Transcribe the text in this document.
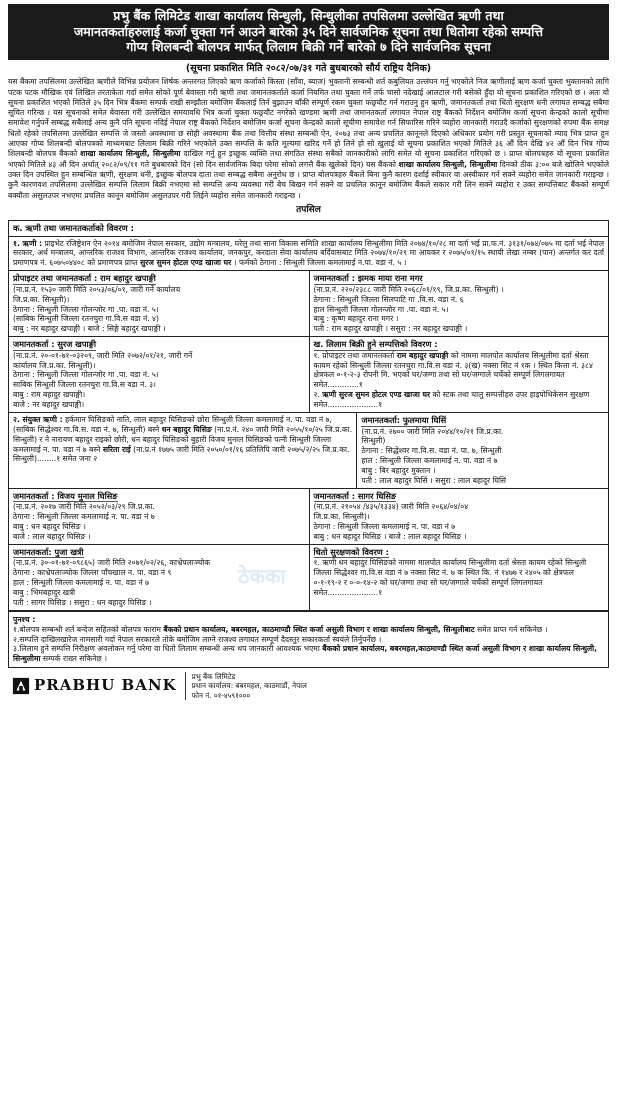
प्रभु बैंक लिमिटेड शाखा कार्यालय सिन्धुली, सिन्धुलीका तपसिलमा उल्लेखित ऋणी तथा
जमानतकर्ताहरुलाई कर्जा चुक्ता गर्न आउने बारेको ३५ दिने सार्वजनिक सूचना तथा धितोमा रहेको सम्पत्ति
गोप्य शिलबन्दी बोलपत्र मार्फत् लिलाम बिक्री गर्ने बारेको ७ दिने सार्वजनिक सूचना
(सूचना प्रकाशित मिति २०८२/०७/३१ गते बुधबारको सौर्य राष्ट्रिय दैनिक)
यस बैंकमा तपसिलमा उल्लेखित ऋणीले विभिन्न प्रयोजन शिर्षक अन्तरगत लिएको ऋण कर्जाको किस्ता (साँवा, ब्याज) भुक्तानी सम्बन्धी शर्त कबुलियत उल्लंघन गर्नु भएकोले निज ऋणीलाई ऋण कर्जा चुक्ता भुक्तानको लागि पटक पटक मौखिक एवं लिखित तरताकेता गर्दा समेत सोको पूर्ण बेवास्ता गरी ऋणी तथा जमानतकर्ताले कर्जा नियमित तथा चुक्ता गर्ने तर्फ चासो नदेखाई आलटाल गरी बसेको हुँदा यो सूचना प्रकाशित गरिएको छ । अतः यो सूचना प्रकाशित भएको मितिले ३५ दिन भित्र बैंकमा सम्पर्क राखी सम्झौता बमोजिम बैंकलाई तिर्न बुझाउन बाँकी सम्पूर्ण रकम चुक्ता फछ्र्यौट गर्न गराउनु हुन ऋणी, जमानतकर्ता तथा धितो सुरक्षण धनी लगायत सम्बद्ध सबैमा सूचित गरिन्छ । यस सूचनाको समेत बेवास्ता गरी उल्लेखित समयावधि भित्र कर्जा चुक्ता फछ्र्यौट नगरेको खण्डमा ऋणी तथा जमानतकर्ता लगायत नेपाल राष्ट्र बैंकको निर्देशन बमोजिम कर्जा सूचना केन्द्रको कालो सूचीमा समावेश गर्नुपर्ने सम्बद्ध सबैलाई अन्य कुनै पनि सूचना नदिई नेपाल राष्ट्र बैंकको निर्देशन बमोजिम कर्जा सूचना केन्द्रको कालो सूचीमा समावेश गर्न सिफारिस गरिने व्यहोरा जानकारी गराउदै कर्जाको सुरक्षणको रुपमा बैंक समक्ष धितो रहेको तपसिलमा उल्लेखित सम्पत्ति जे जस्तो अवस्थामा छ सोही अवस्थामा बैंक तथा वित्तीय संस्था सम्बन्धी ऐन, २०७३ तथा अन्य प्रचलित कानूनले दिएको अधिकार प्रयोग गरी प्रस्तुत सूचनाको म्याद भित्र प्राप्त हुन आएका गोप्य शिलबन्दी बोलपत्रको माध्यमबाट लिलाम बिक्री गरिने भएकोले उक्त सम्पत्ति के कति मूल्यमा खरिद गर्ने हो लिने हो सो खुलाई यो सूचना प्रकाशित भएको मितिले ३६ औं दिन देखि ४२ औं दिन भित्र गोप्य शिलबन्दी बोलपत्र बैंकको शाखा कार्यालय सिन्धुली, सिन्धुलीमा दाखिल गर्नु हुन इच्छुक व्यक्ति तथा संगठित संस्था सबैको जानकारीको लागि समेत यो सूचना प्रकाशित गरिएको छ । प्राप्त बोलपत्रहरु यो सूचना प्रकाशित भएको मितिले ४३ औं दिन अर्थात् २०८२/०९/११ गते बुधबारको दिन (सो दिन सार्वजनिक बिदा परेमा सोको लगत्तै बैंक खुलेको दिन) यस बैंकको शाखा कार्यालय सिन्धुली, सिन्धुलीमा दिनको ठीक ३:०० बजे खोलिने भएकोले उक्त दिन उपस्थित हुन सम्बन्धित ऋणी, सुरक्षण धनी, इच्छुक बोलपत्र दाता तथा सम्बद्ध सबैमा अनुरोध छ । प्राप्त बोलपत्रहरु बैंकले बिना कुनै कारण दर्शाई स्वीकार वा अस्वीकार गर्न सक्ने व्यहोरा समेत जानकारी गराइन्छ । कुनै कारणवश तपसिलमा उल्लेखित सम्पत्ति लिलाम बिक्री नभएमा सो सम्पत्ति अन्य व्यवस्था गरी बेच बिखन गर्न सक्ने वा प्रचलित कानून बमोजिम बैंकले सकार गरी लिन सक्ने व्यहोरा र उक्त सम्पत्तिबाट बैंकको सम्पूर्ण बक्यौता असुलउपर नभएमा प्रचलित कानून बमोजिम असुलउपर गरी लिईने व्यहोरा समेत जानकारी गराइन्छ ।
तपसिल
क. ऋणी तथा जमानतकर्ताको विवरण :
१. ऋणी : प्राइभेट रजिष्ट्रेशन ऐन २०१४ बमोजिम नेपाल सरकार, उद्योग मन्त्रालय, घरेलु तथा साना विकास समिति शाखा कार्यालय सिन्धुलीमा मिति २०७४/१०/२८ मा दर्ता भई प्रा.फ.नं. ३१३१/०७४/०७५ मा दर्ता भई नेपाल सरकार, अर्थ मन्त्रालय, आन्तरिक राजश्व विभाग, आन्तरिक राजश्व कार्यालय, जनकपुर, करदाता सेवा कार्यालय बर्दिवासबाट मिति २०७४/१०/२९ मा आयकर र २०७५/०१/१५ स्थायी लेखा नम्बर (पान) अन्तर्गत कर दर्ता प्रमाणपत्र नं. ६०७५०४४०८ को प्रमाणपत्र प्राप्त सुरज सुमन होटल एण्ड खाजा घर । फर्मको ठेगाना : सिन्धुली जिल्ला कमलामाई न.पा. वडा नं. ५ ।
प्रोपाइटर तथा जमानतकर्ता : राम बहादुर खपाङ्गी
(ना.प्र.नं. १५३० जारी मिति २०५३/०६/०१, जारी गर्ने कार्यालय
जि.प्र.का. सिन्धुली)।
ठेगाना : सिन्धुली जिल्ला गोलन्जोर गा .पा. वडा नं. ५।
(साबिक सिन्धुली जिल्ला रतनचुरा गा.वि.स वडा नं. ४)
बाबु : नर बहादुर खपाङ्गी । बाजे : सिङ्गे बहादुर खपाङ्गी ।
जमानतकर्ता : झमक माया राना मगर
(ना.प्र.नं. २२०/२३८८ जारी मिति २०६८/०१/१९, जि.प्र.का. सिन्धुली) ।
ठेगाना : सिन्धुली जिल्ला सिलपाटि गा .वि.स. वडा नं. ६
हाल सिन्धुली जिल्ला गोलन्जोर गा .पा. वडा नं. ५।
बाबु : कृष्ण बहादुर राना मगर ।
पती : राम बहादुर खपाङ्गी । ससुरा : नर बहादुर खपाङ्गी ।
जमानतकर्ता : सुरज खपाङ्गी
(ना.प्र.नं. २०-०१-७१-०३२०९, जारी मिति २०७२/०१/२१, जारी गर्ने
कार्यालय जि.प्र.का. सिन्धुली)।
ठेगाना : सिन्धुली जिल्ला गोलन्जोर गा .पा. वडा नं. ५।
साबिक सिन्धुली जिल्ला रतनचुरा गा.वि.स वडा नं. ३।
बाबु : राम बहादुर खपाङ्गी।
बाजे : नर बहादुर खपाङ्गी।
ख. लिलाम बिक्री हुने सम्पत्तिको विवरण :
१. प्रोपाइटर तथा जमानतकर्ता राम बहादुर खपाङ्गी को नाममा मालपोत कार्यालय सिन्धुलीमा दर्ता श्रेस्ता कायम रहेको सिन्धुली जिल्ला रतनचुरा गा.वि.स वडा नं. ३(ख) नक्सा सिट नं १क । स्थित कित्ता नं. ३८४ क्षेत्रफल ०-१-२-३ रोपनी मि. भएको घर/जग्गा तथा सो घर/जग्गाले चर्चेको सम्पूर्ण लिगलगायत समेत.............१
२. ऋणी सुरज सुमन होटल एण्ड खाजा घर को स्टक तथा चालु सम्पत्तीहरु उपर हाइपोथिकेसन सुरक्षण समेत.....................१
२. संयुक्त ऋणी : हर्कमान घिसिङको नाति, लाल बहादुर घिसिङको छोरा सिन्धुली जिल्ला कमलामाई न. पा. वडा नं ७, (साबिक सिद्धेश्वर गा.वि.स. वडा नं. ७, सिन्धुली) बस्ने धन बहादुर घिसिङ (ना.प्र.नं. २४० जारी मिति २०५५/१०/२५ जि.प्र.का. सिन्धुली) र ने नारायण बहादुर राइको छोरी, धन बहादुर घिसिङको बुहारी विजय मुनाल घिसिङको पत्नी सिन्धुली जिल्ला कमलामाई न. पा. वडा नं ७ बस्ने सरिता राई (ना.प्र.नं १७७५ जारी मिति २०५०/०१/१६ प्रतिलिपि जारी २०७५/२/२५ जि.प्र.का. सिन्धुली)........१ समेत जना २
जमानतकर्ता: फुलमाया घिसिं
(ना.प्र.नं. २७०० जारी मिति २०४४/१०/२१ जि.प्र.का.
सिन्धुली)
ठेगाना : सिद्धेश्वर गा.वि.स. वडा नं. पा. ७, सिन्धुली
हाल : सिन्धुली जिल्ला कमलामाई न. पा. वडा नं ७
बाबु : बिर बहादुर मुक्तान ।
पती : लाल बहादुर घिसिं । ससुरा : लाल बहादुर घिसिं
जमानतकर्ता : विजय मुनाल घिसिङ
(ना.प्र.नं. २०१७ जारी मिति २०५२/०३/२९ जि.प्र.का.
ठेगाना : सिन्धुली जिल्ला कमलामाई न. पा. वडा नं ७
बाबु : धन बहादुर घिसिङ ।
बाजे : लाल बहादुर घिसिङ ।
जमानतकर्ता : सागर घिसिङ
(ना.प्र.नं. २१०५४ /४३५/१३३४) जारी मिति २०६४/०४/०४
जि.प्र.का. सिन्धुली)।
ठेगाना : सिन्धुली जिल्ला कमलामाई न. पा. वडा नं ७
बाबु : धन बहादुर घिसिङ । बाजे : लाल बहादुर घिसिङ ।
जमानतकर्ता: पुजा खत्री
(ना.प्र.नं. ३०-०१-७१-०९८६५) जारी मिति २०७१/०२/२६, काभ्रेपलाञ्चोक
ठेगाना : काभ्रेपलाञ्चोक जिल्ला पाँचखाल न. पा. वडा नं ९
हाल : सिन्धुली जिल्ला कमलामाई न. पा. वडा नं ७
बाबु : भिमबहादुर खत्री
पती : सागर घिसिङ । ससुरा : धन बहादुर घिसिङ ।
धितो सुरक्षणको विवरण :
१. ऋणी धन बहादुर घिसिङको नाममा मालपोत कार्यालय सिन्धुलीमा दर्ता श्रेस्ता कायम रहेको सिन्धुली जिल्ला सिद्धेश्वर गा.वि.स वडा नं ७ नक्सा सिट नं. ७ क स्थित कि. नं १४७७ र २४०५ को क्षेत्रफल ०-१-१९-२ र ०-०-१४-२ को घर/जग्गा तथा सो घर/जग्गाले चर्चेको सम्पूर्ण लिगलगायत समेत.....................१
पुनश्च :
१.बोलपत्र सम्बन्धी शर्त बन्देज सहितको बोलपत्र फाराम बैंकको प्रधान कार्यालय, बबरमहल, काठमाण्डौ स्थित कर्जा असुली विभाग र शाखा कार्यालय सिन्धुली, सिन्धुलीबाट समेत प्राप्त गर्न सकिनेछ ।
२.सम्पत्ति दाखिलखारेज नामसारी गर्दा नेपाल सरकारले तोके बमोजिम लाग्ने राजश्व लगायत सम्पूर्ण दैदस्तुर सकारकर्ता स्वयंले तिर्नुपर्नेछ ।
३.लिलाम हुने सम्पत्ति निरीक्षण अवलोकन गर्नु परेमा वा धितो लिलाम सम्बन्धी अन्य थप जानकारी आवश्यक भएमा बैंकको प्रधान कार्यालय, बबरमहल,काठमाण्डौ स्थित कर्जा असुली विभाग र शाखा कार्यालय सिन्धुली, सिन्धुलीमा सम्पर्क राख्न सकिनेछ ।
PRABHU BANK प्रभु बैंक लिमिटेड
प्रधान कार्यालय: बबरमहल, काठमाडौं, नेपाल
फोन नं. ०१-४५९१०००
ठेकका
